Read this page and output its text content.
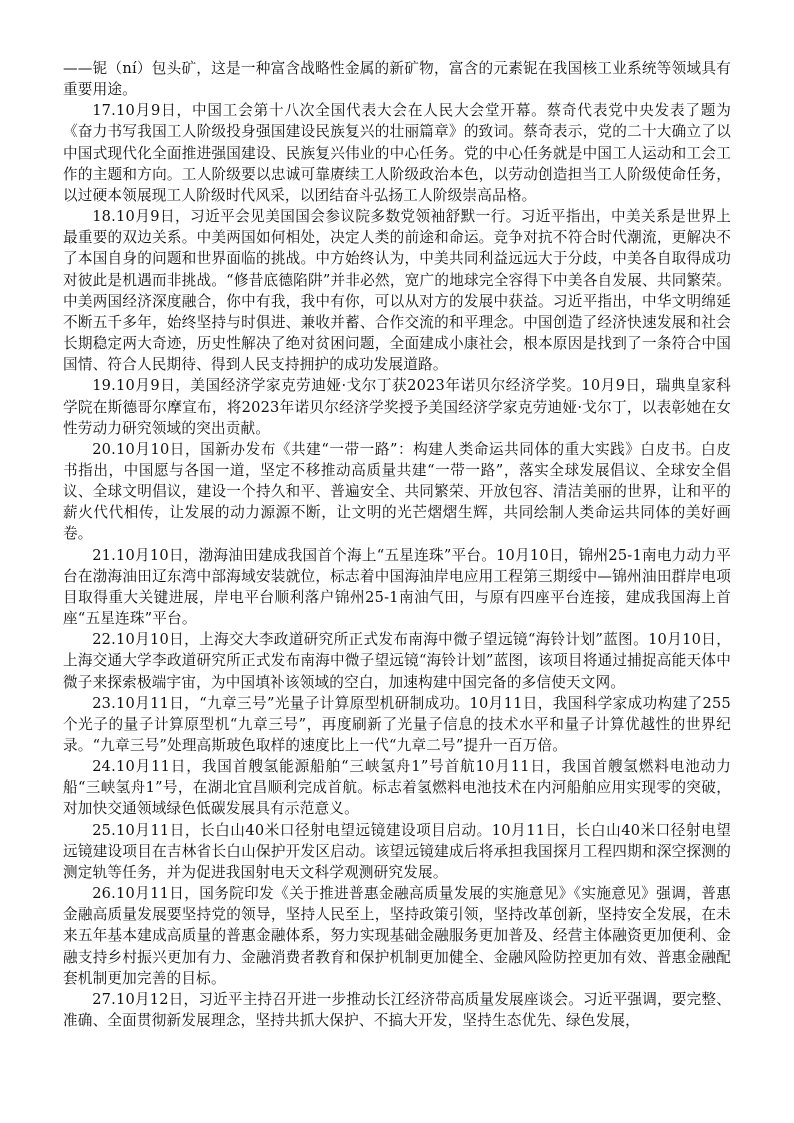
——铌（ní）包头矿，这是一种富含战略性金属的新矿物，富含的元素铌在我国核工业系统等领域具有重要用途。

17.10月9日，中国工会第十八次全国代表大会在人民大会堂开幕。蔡奇代表党中央发表了题为《奋力书写我国工人阶级投身强国建设民族复兴的壮丽篇章》的致词。蔡奇表示，党的二十大确立了以中国式现代化全面推进强国建设、民族复兴伟业的中心任务。党的中心任务就是中国工人运动和工会工作的主题和方向。工人阶级要以忠诚可靠赓续工人阶级政治本色，以劳动创造担当工人阶级使命任务，以过硬本领展现工人阶级时代风采，以团结奋斗弘扬工人阶级崇高品格。

18.10月9日，习近平会见美国国会参议院多数党领袖舒默一行。习近平指出，中美关系是世界上最重要的双边关系。中美两国如何相处，决定人类的前途和命运。竞争对抗不符合时代潮流，更解决不了本国自身的问题和世界面临的挑战。中方始终认为，中美共同利益远远大于分歧，中美各自取得成功对彼此是机遇而非挑战。“修昔底德陷阱”并非必然，宽广的地球完全容得下中美各自发展、共同繁荣。中美两国经济深度融合，你中有我，我中有你，可以从对方的发展中获益。习近平指出，中华文明绵延不断五千多年，始终坚持与时俱进、兼收并蓄、合作交流的和平理念。中国创造了经济快速发展和社会长期稳定两大奇迹，历史性解决了绝对贫困问题，全面建成小康社会，根本原因是找到了一条符合中国国情、符合人民期待、得到人民支持拥护的成功发展道路。

19.10月9日，美国经济学家克劳迪娅·戈尔丁获2023年诺贝尔经济学奖。10月9日，瑞典皇家科学院在斯德哥尔摩宣布，将2023年诺贝尔经济学奖授予美国经济学家克劳迪娅·戈尔丁，以表彰她在女性劳动力研究领域的突出贡献。

20.10月10日，国新办发布《共建“一带一路”：构建人类命运共同体的重大实践》白皮书。白皮书指出，中国愿与各国一道，坚定不移推动高质量共建“一带一路”，落实全球发展倡议、全球安全倡议、全球文明倡议，建设一个持久和平、普遍安全、共同繁荣、开放包容、清洁美丽的世界，让和平的薪火代代相传，让发展的动力源源不断，让文明的光芒熠熠生辉，共同绘制人类命运共同体的美好画卷。

21.10月10日，渤海油田建成我国首个海上“五星连珠”平台。10月10日，锦州25-1南电力动力平台在渤海油田辽东湾中部海域安装就位，标志着中国海油岸电应用工程第三期绥中—锦州油田群岸电项目取得重大关键进展，岸电平台顺利落户锦州25-1南油气田，与原有四座平台连接，建成我国海上首座“五星连珠”平台。

22.10月10日，上海交大李政道研究所正式发布南海中微子望远镜“海铃计划”蓝图。10月10日，上海交通大学李政道研究所正式发布南海中微子望远镜“海铃计划”蓝图，该项目将通过捕捉高能天体中微子来探索极端宇宙，为中国填补该领域的空白，加速构建中国完备的多信使天文网。

23.10月11日，“九章三号”光量子计算原型机研制成功。10月11日，我国科学家成功构建了255个光子的量子计算原型机“九章三号”，再度刷新了光量子信息的技术水平和量子计算优越性的世界纪录。“九章三号”处理高斯玻色取样的速度比上一代“九章二号”提升一百万倍。

24.10月11日，我国首艘氢能源船舶“三峡氢舟1”号首航10月11日，我国首艘氢燃料电池动力船“三峡氢舟1”号，在湖北宜昌顺利完成首航。标志着氢燃料电池技术在内河船舶应用实现零的突破，对加快交通领域绿色低碳发展具有示范意义。

25.10月11日，长白山40米口径射电望远镜建设项目启动。10月11日，长白山40米口径射电望远镜建设项目在吉林省长白山保护开发区启动。该望远镜建成后将承担我国探月工程四期和深空探测的测定轨等任务，并为促进我国射电天文科学观测研究发展。

26.10月11日，国务院印发《关于推进普惠金融高质量发展的实施意见》《实施意见》强调，普惠金融高质量发展要坚持党的领导，坚持人民至上，坚持政策引领，坚持改革创新，坚持安全发展，在未来五年基本建成高质量的普惠金融体系，努力实现基础金融服务更加普及、经营主体融资更加便利、金融支持乡村振兴更加有力、金融消费者教育和保护机制更加健全、金融风险防控更加有效、普惠金融配套机制更加完善的目标。

27.10月12日，习近平主持召开进一步推动长江经济带高质量发展座谈会。习近平强调，要完整、准确、全面贯彻新发展理念，坚持共抓大保护、不搞大开发，坚持生态优先、绿色发展，
